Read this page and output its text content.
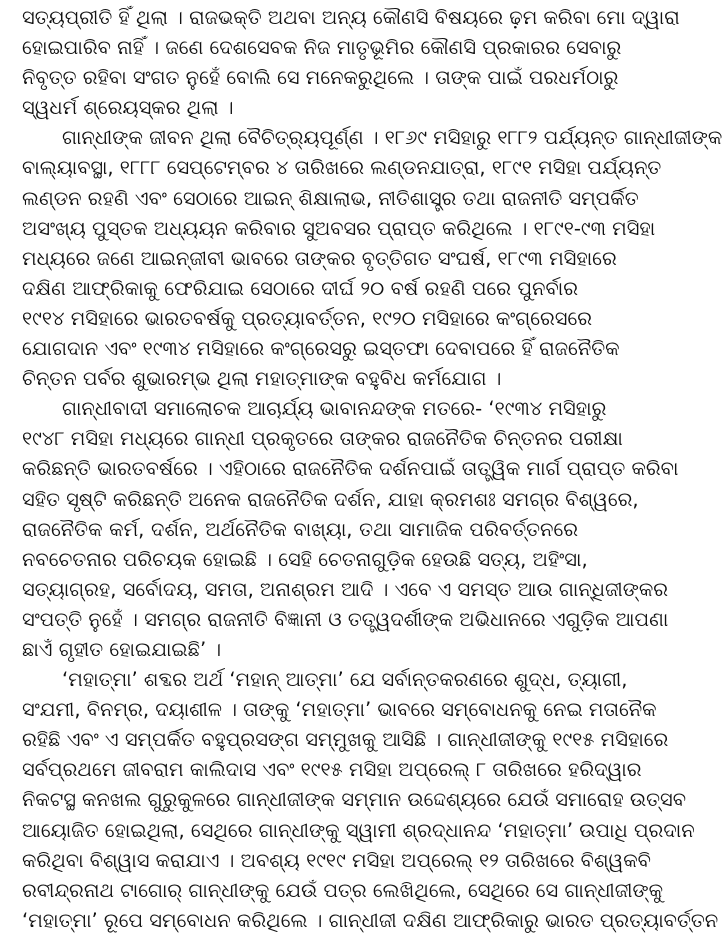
ସତ୍ୟପ୍ରୀତି ହିଁ ଥିଲା । ରାଜଭକ୍ତି ଅଥବା ଅନ୍ୟ କୌଣସି ବିଷୟରେ ଢ଼ମ କରିବା ମୋ ଦ୍ୱାରା
ହୋଇପାରିବ ନାହିଁ । ଜଣେ ଦେଶସେବକ ନିଜ ମାତୃଭୂମିର କୌଣସି ପ୍ରକାରର ସେବାରୁ
ନିବୃତ୍ତ ରହିବା ସଂଗତ ନୁହେଁ ବୋଲି ସେ ମନେକରୁଥିଲେ । ତାଙ୍କ ପାଇଁ ପରଧର୍ମଠାରୁ
ସ୍ୱଧର୍ମ ଶ୍ରେୟସ୍କର ଥିଲା ।
ଗାନ୍ଧୀଙ୍କ ଜୀବନ ଥିଲା ବୈଚିତ୍ର୍ୟପୂର୍ଣ୍ଣ । ୧୮୬୯ ମସିହାରୁ ୧୮୮୨ ପର୍ଯ୍ୟନ୍ତ ଗାନ୍ଧୀଜୀଙ୍କ
ବାଲ୍ୟାବସ୍ଥା, ୧୮୮୮ ସେପ୍ଟେମ୍ବର ୪ ତାରିଖରେ ଲଣ୍ଡନଯାତ୍ରା, ୧୮୯୧ ମସିହା ପର୍ଯ୍ୟନ୍ତ
ଲଣ୍ଡନ ରହଣି ଏବଂ ସେଠାରେ ଆଇନ୍ ଶିକ୍ଷାଲାଭ, ନୀତିଶାସ୍ତ୍ର ତଥା ରାଜନୀତି ସମ୍ପର୍କିତ
ଅସଂଖ୍ୟ ପୁସ୍ତକ ଅଧ୍ୟୟନ କରିବାର ସୁଅବସର ପ୍ରାପ୍ତ କରିଥିଲେ । ୧୮୯୧-୯୩ ମସିହା
ମଧ୍ୟରେ ଜଣେ ଆଇନ୍‌ଜୀବୀ ଭାବରେ ତାଙ୍କର ବୃତ୍ତିଗତ ସଂଘର୍ଷ, ୧୮୯୩ ମସିହାରେ
ଦକ୍ଷିଣ ଆଫ୍ରିକାକୁ ଫେରିଯାଇ ସେଠାରେ ଦୀର୍ଘ ୨୦ ବର୍ଷ ରହଣି ପରେ ପୁନର୍ବାର
୧୯୧୪ ମସିହାରେ ଭାରତବର୍ଷକୁ ପ୍ରତ୍ୟାବର୍ତ୍ତନ, ୧୯୨୦ ମସିହାରେ କଂଗ୍ରେସରେ
ଯୋଗଦାନ ଏବଂ ୧୯୩୪ ମସିହାରେ କଂଗ୍ରେସରୁ ଇସ୍ତଫା ଦେବାପରେ ହିଁ ରାଜନୈତିକ
ଚିନ୍ତନ ପର୍ବର ଶୁଭାରମ୍ଭ ଥିଲା ମହାତ୍ମାଙ୍କ ବହୁବିଧ କର୍ମଯୋଗ ।
ଗାନ୍ଧୀବାଦୀ ସମାଲୋଚକ ଆଚାର୍ଯ୍ୟ ଭାବାନନ୍ଦଙ୍କ ମତରେ- ‘୧୯୩୪ ମସିହାରୁ
୧୯୪୮ ମସିହା ମଧ୍ୟରେ ଗାନ୍ଧୀ ପ୍ରକୃତରେ ତାଙ୍କର ରାଜନୈତିକ ଚିନ୍ତନର ପରୀକ୍ଷା
କରିଛନ୍ତି ଭାରତବର୍ଷରେ । ଏହିଠାରେ ରାଜନୈତିକ ଦର୍ଶନପାଇଁ ତାତ୍ତ୍ୱିକ ମାର୍ଗ ପ୍ରାପ୍ତ କରିବା
ସହିତ ସୃଷ୍ଟି କରିଛନ୍ତି ଅନେକ ରାଜନୈତିକ ଦର୍ଶନ, ଯାହା କ୍ରମଶଃ ସମଗ୍ର ବିଶ୍ୱରେ,
ରାଜନୈତିକ କର୍ମ, ଦର୍ଶନ, ଅର୍ଥନୈତିକ ବାଖ୍ୟା, ତଥା ସାମାଜିକ ପରିବର୍ତ୍ତନରେ
ନବଚେତନାର ପରିଚୟକ ହୋଇଛି । ସେହି ଚେତନାଗୁଡ଼ିକ ହେଉଛି ସତ୍ୟ, ଅହିଂସା,
ସତ୍ୟାଗ୍ରହ, ସର୍ବୋଦୟ, ସମତା, ଅନାଶ୍ରମ ଆଦି । ଏବେ ଏ ସମସ୍ତ ଆଉ ଗାନ୍ଧିଜୀଙ୍କର
ସଂପତ୍ତି ନୁହେଁ । ସମଗ୍ର ରାଜନୀତି ବିଜ୍ଞାନୀ ଓ ତତ୍ତ୍ୱଦର୍ଶୀଙ୍କ ଅଭିଧାନରେ ଏଗୁଡ଼ିକ ଆପଣା
ଛାଏଁ ଗୃହୀତ ହୋଇଯାଇଛି’ ।
‘ମହାତ୍ମା’ ଶବ୍ଦର ଅର୍ଥ ‘ମହାନ୍ ଆତ୍ମା’ ଯେ ସର୍ବାନ୍ତକରଣରେ ଶୁଦ୍ଧ, ତ୍ୟାଗୀ,
ସଂଯମୀ, ବିନମ୍ର, ଦୟାଶୀଳ । ତାଙ୍କୁ ‘ମହାତ୍ମା’ ଭାବରେ ସମ୍ବୋଧନକୁ ନେଇ ମତାନୈକ
ରହିଛି ଏବଂ ଏ ସମ୍ପର୍କିତ ବହୁପ୍ରସଙ୍ଗ ସମ୍ମୁଖକୁ ଆସିଛି । ଗାନ୍ଧୀଜୀଙ୍କୁ ୧୯୧୫ ମସିହାରେ
ସର୍ବପ୍ରଥମେ ଜୀବରାମ କାଲିଦାସ ଏବଂ ୧୯୧୫ ମସିହା ଅପ୍ରେଲ୍ ୮ ତାରିଖରେ ହରିଦ୍ୱାର
ନିକଟସ୍ଥ କନଖଲ ଗୁରୁକୁଳରେ ଗାନ୍ଧୀଜୀଙ୍କ ସମ୍ମାନ ଉଦ୍ଦେଶ୍ୟରେ ଯେଉଁ ସମାରୋହ ଉତ୍ସବ
ଆୟୋଜିତ ହୋଇଥିଲା, ସେଥିରେ ଗାନ୍ଧୀଙ୍କୁ ସ୍ୱାମୀ ଶ୍ରଦ୍ଧାନନ୍ଦ ‘ମହାତ୍ମା’ ଉପାଧି ପ୍ରଦାନ
କରିଥିବା ବିଶ୍ୱାସ କରାଯାଏ । ଅବଶ୍ୟ ୧୯୧୯ ମସିହା ଅପ୍ରେଲ୍ ୧୨ ତାରିଖରେ ବିଶ୍ୱକବି
ରବୀନ୍ଦ୍ରନାଥ ଟାଗୋର୍ ଗାନ୍ଧୀଙ୍କୁ ଯେଉଁ ପତ୍ର ଲେଖିଥିଲେ, ସେଥିରେ ସେ ଗାନ୍ଧୀଜୀଙ୍କୁ
‘ମହାତ୍ମା’ ରୂପେ ସମ୍ବୋଧନ କରିଥିଲେ । ଗାନ୍ଧୀଜୀ ଦକ୍ଷିଣ ଆଫ୍ରିକାରୁ ଭାରତ ପ୍ରତ୍ୟାବର୍ତ୍ତନ
